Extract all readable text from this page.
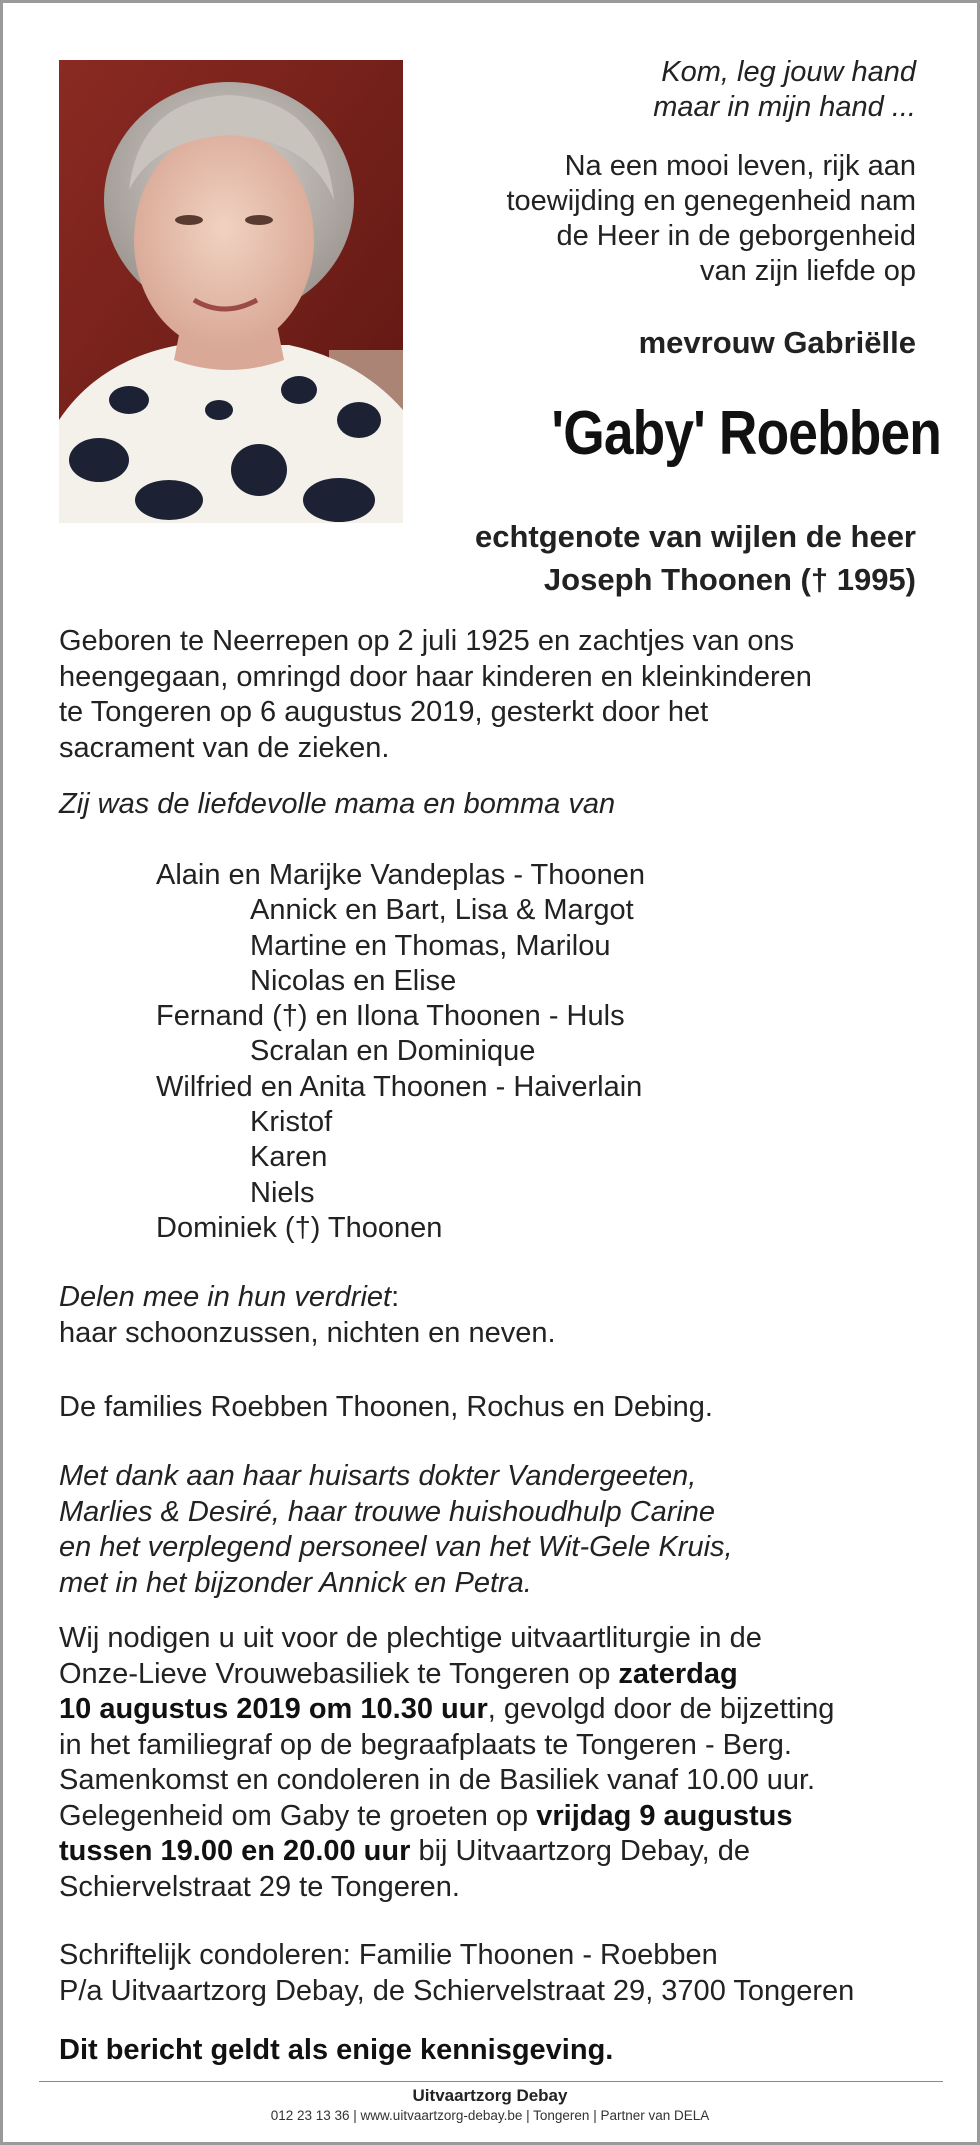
Kom, leg jouw hand
maar in mijn hand ...
Na een mooi leven, rijk aan
toewijding en genegenheid nam
de Heer in de geborgenheid
van zijn liefde op
mevrouw Gabriëlle
'Gaby' Roebben
echtgenote van wijlen de heer
Joseph Thoonen († 1995)
Geboren te Neerrepen op 2 juli 1925 en zachtjes van ons
heengegaan, omringd door haar kinderen en kleinkinderen
te Tongeren op 6 augustus 2019, gesterkt door het
sacrament van de zieken.
Zij was de liefdevolle mama en bomma van
Alain en Marijke Vandeplas - Thoonen
Annick en Bart, Lisa & Margot
Martine en Thomas, Marilou
Nicolas en Elise
Fernand (†) en Ilona Thoonen - Huls
Scralan en Dominique
Wilfried en Anita Thoonen - Haiverlain
Kristof
Karen
Niels
Dominiek (†) Thoonen
Delen mee in hun verdriet:
haar schoonzussen, nichten en neven.
De families Roebben Thoonen, Rochus en Debing.
Met dank aan haar huisarts dokter Vandergeeten,
Marlies & Desiré, haar trouwe huishoudhulp Carine
en het verplegend personeel van het Wit-Gele Kruis,
met in het bijzonder Annick en Petra.
Wij nodigen u uit voor de plechtige uitvaartliturgie in de
Onze-Lieve Vrouwebasiliek te Tongeren op zaterdag
10 augustus 2019 om 10.30 uur, gevolgd door de bijzetting
in het familiegraf op de begraafplaats te Tongeren - Berg.
Samenkomst en condoleren in de Basiliek vanaf 10.00 uur.
Gelegenheid om Gaby te groeten op vrijdag 9 augustus
tussen 19.00 en 20.00 uur bij Uitvaartzorg Debay, de
Schiervelstraat 29 te Tongeren.
Schriftelijk condoleren: Familie Thoonen - Roebben
P/a Uitvaartzorg Debay, de Schiervelstraat 29, 3700 Tongeren
Dit bericht geldt als enige kennisgeving.
Uitvaartzorg Debay
012 23 13 36 | www.uitvaartzorg-debay.be | Tongeren | Partner van DELA
